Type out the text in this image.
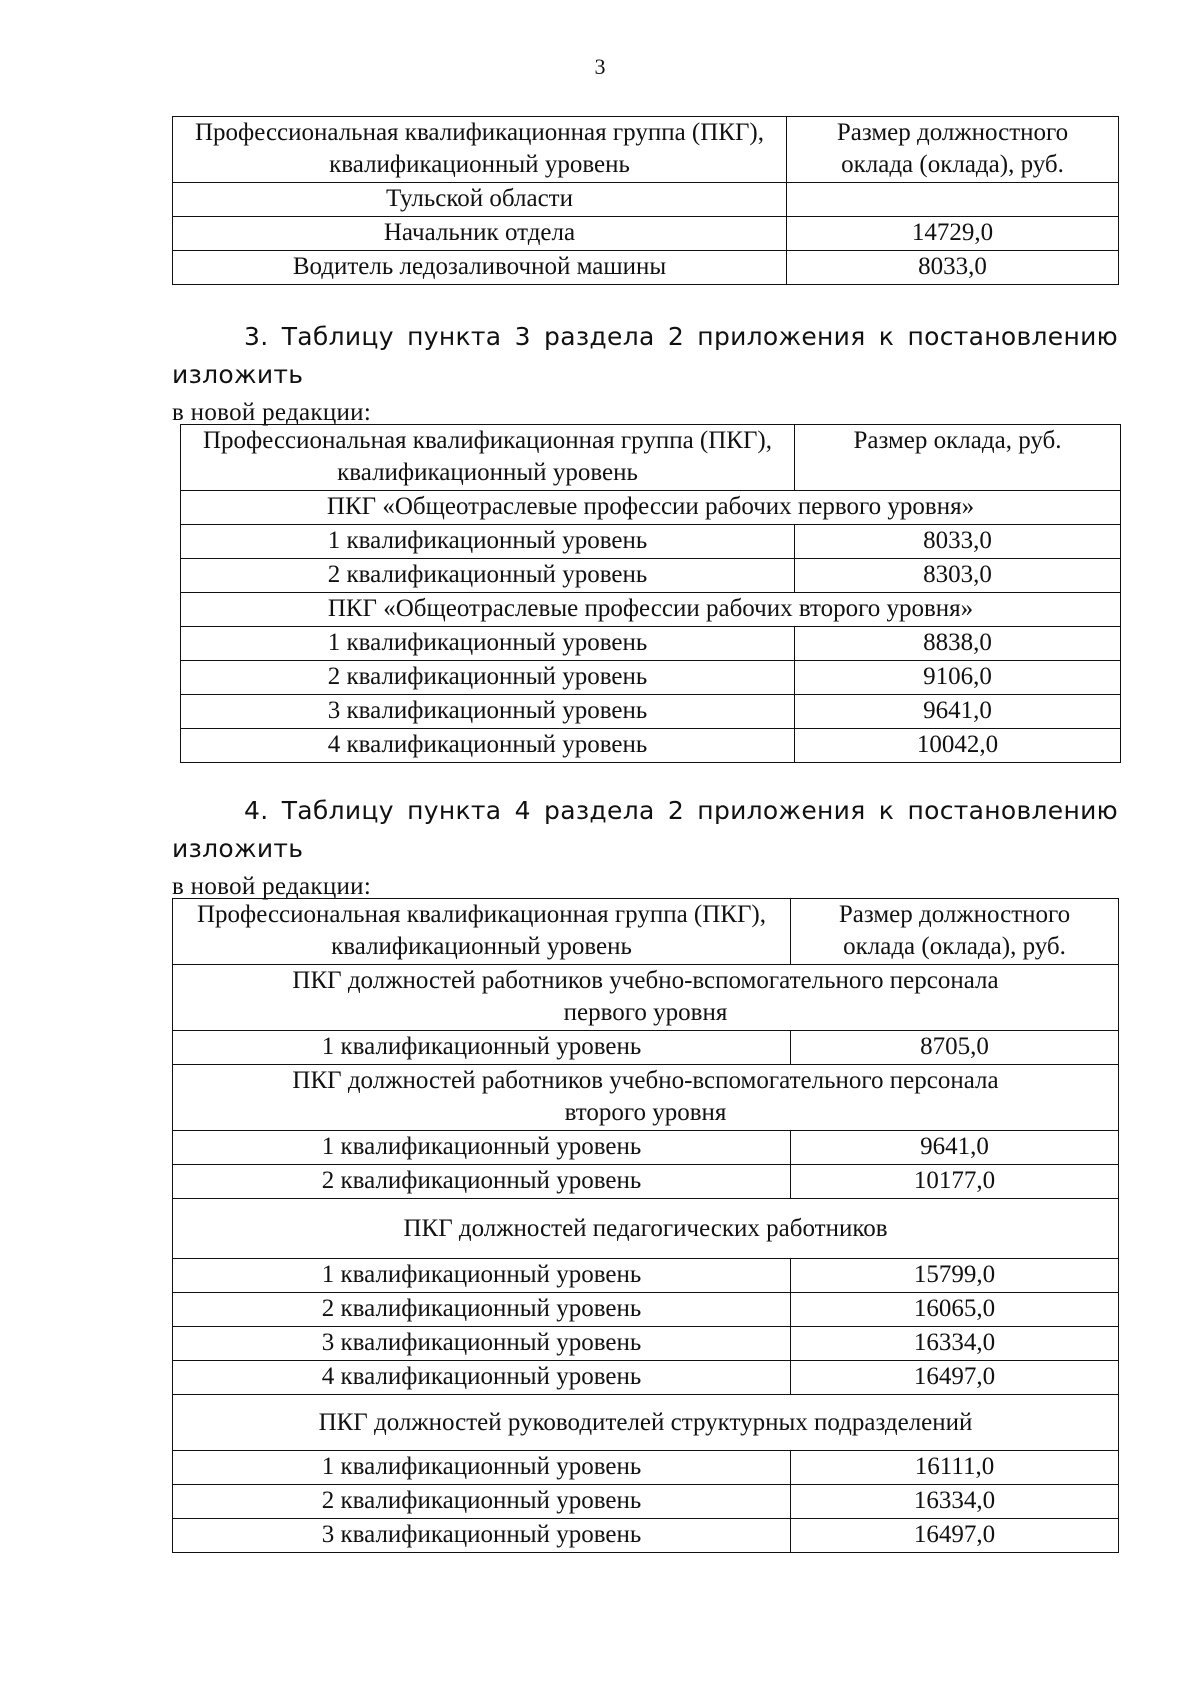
3
Профессиональная квалификационная группа (ПКГ), квалификационный уровень	Размер должностного оклада (оклада), руб.
Тульской области	
Начальник отдела	14729,0
Водитель ледозаливочной машины	8033,0
3. Таблицу пункта 3 раздела 2 приложения к постановлению изложить
в новой редакции:
Профессиональная квалификационная группа (ПКГ), квалификационный уровень	Размер оклада, руб.
ПКГ «Общеотраслевые профессии рабочих первого уровня»	
1 квалификационный уровень	8033,0
2 квалификационный уровень	8303,0
ПКГ «Общеотраслевые профессии рабочих второго уровня»	
1 квалификационный уровень	8838,0
2 квалификационный уровень	9106,0
3 квалификационный уровень	9641,0
4 квалификационный уровень	10042,0
4. Таблицу пункта 4 раздела 2 приложения к постановлению изложить
в новой редакции:
Профессиональная квалификационная группа (ПКГ), квалификационный уровень	Размер должностного оклада (оклада), руб.
ПКГ должностей работников учебно-вспомогательного персонала первого уровня	
1 квалификационный уровень	8705,0
ПКГ должностей работников учебно-вспомогательного персонала второго уровня	
1 квалификационный уровень	9641,0
2 квалификационный уровень	10177,0
ПКГ должностей педагогических работников	
1 квалификационный уровень	15799,0
2 квалификационный уровень	16065,0
3 квалификационный уровень	16334,0
4 квалификационный уровень	16497,0
ПКГ должностей руководителей структурных подразделений	
1 квалификационный уровень	16111,0
2 квалификационный уровень	16334,0
3 квалификационный уровень	16497,0
